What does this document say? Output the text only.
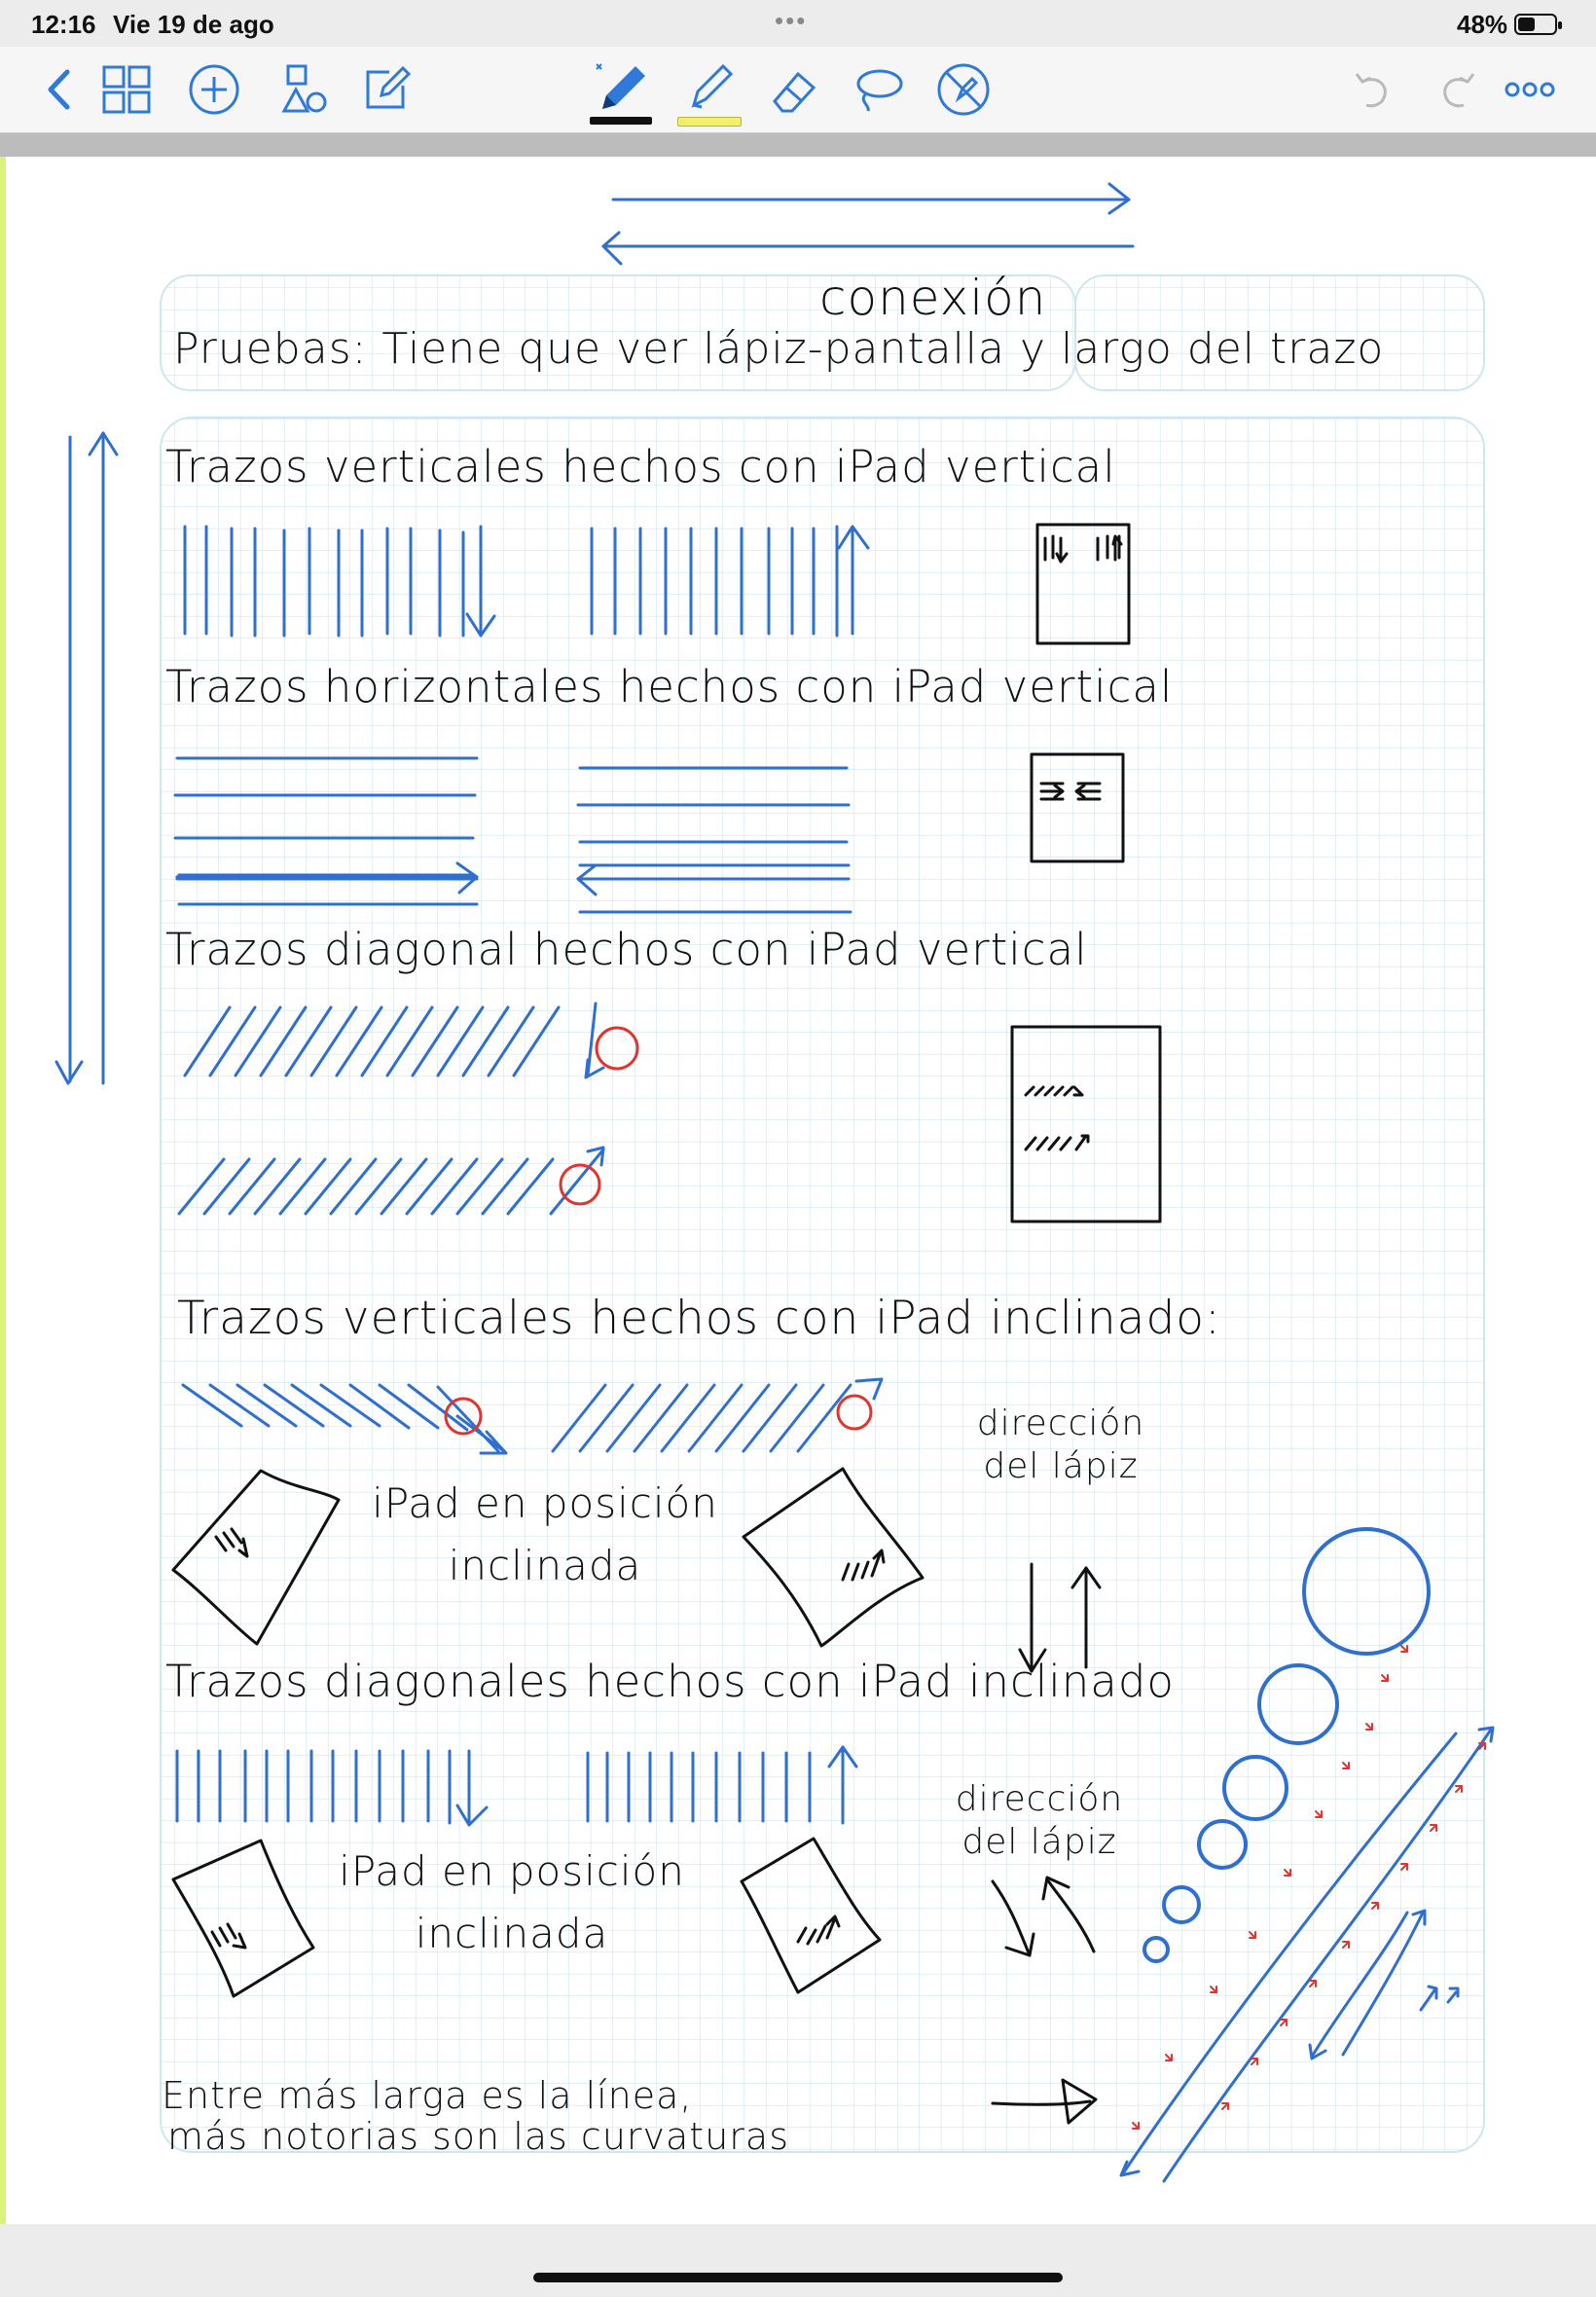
12:16 Vie 19 de ago	•••	48%
conexión
Pruebas: Tiene que ver lápiz-pantalla y largo del trazo
Trazos verticales hechos con iPad vertical
Trazos horizontales hechos con iPad vertical
Trazos diagonal hechos con iPad vertical
Trazos verticales hechos con iPad inclinado:
iPad en posición inclinada
dirección del lápiz
Trazos diagonales hechos con iPad inclinado
iPad en posición inclinada
dirección del lápiz
Entre más larga es la línea,
más notorias son las curvaturas
